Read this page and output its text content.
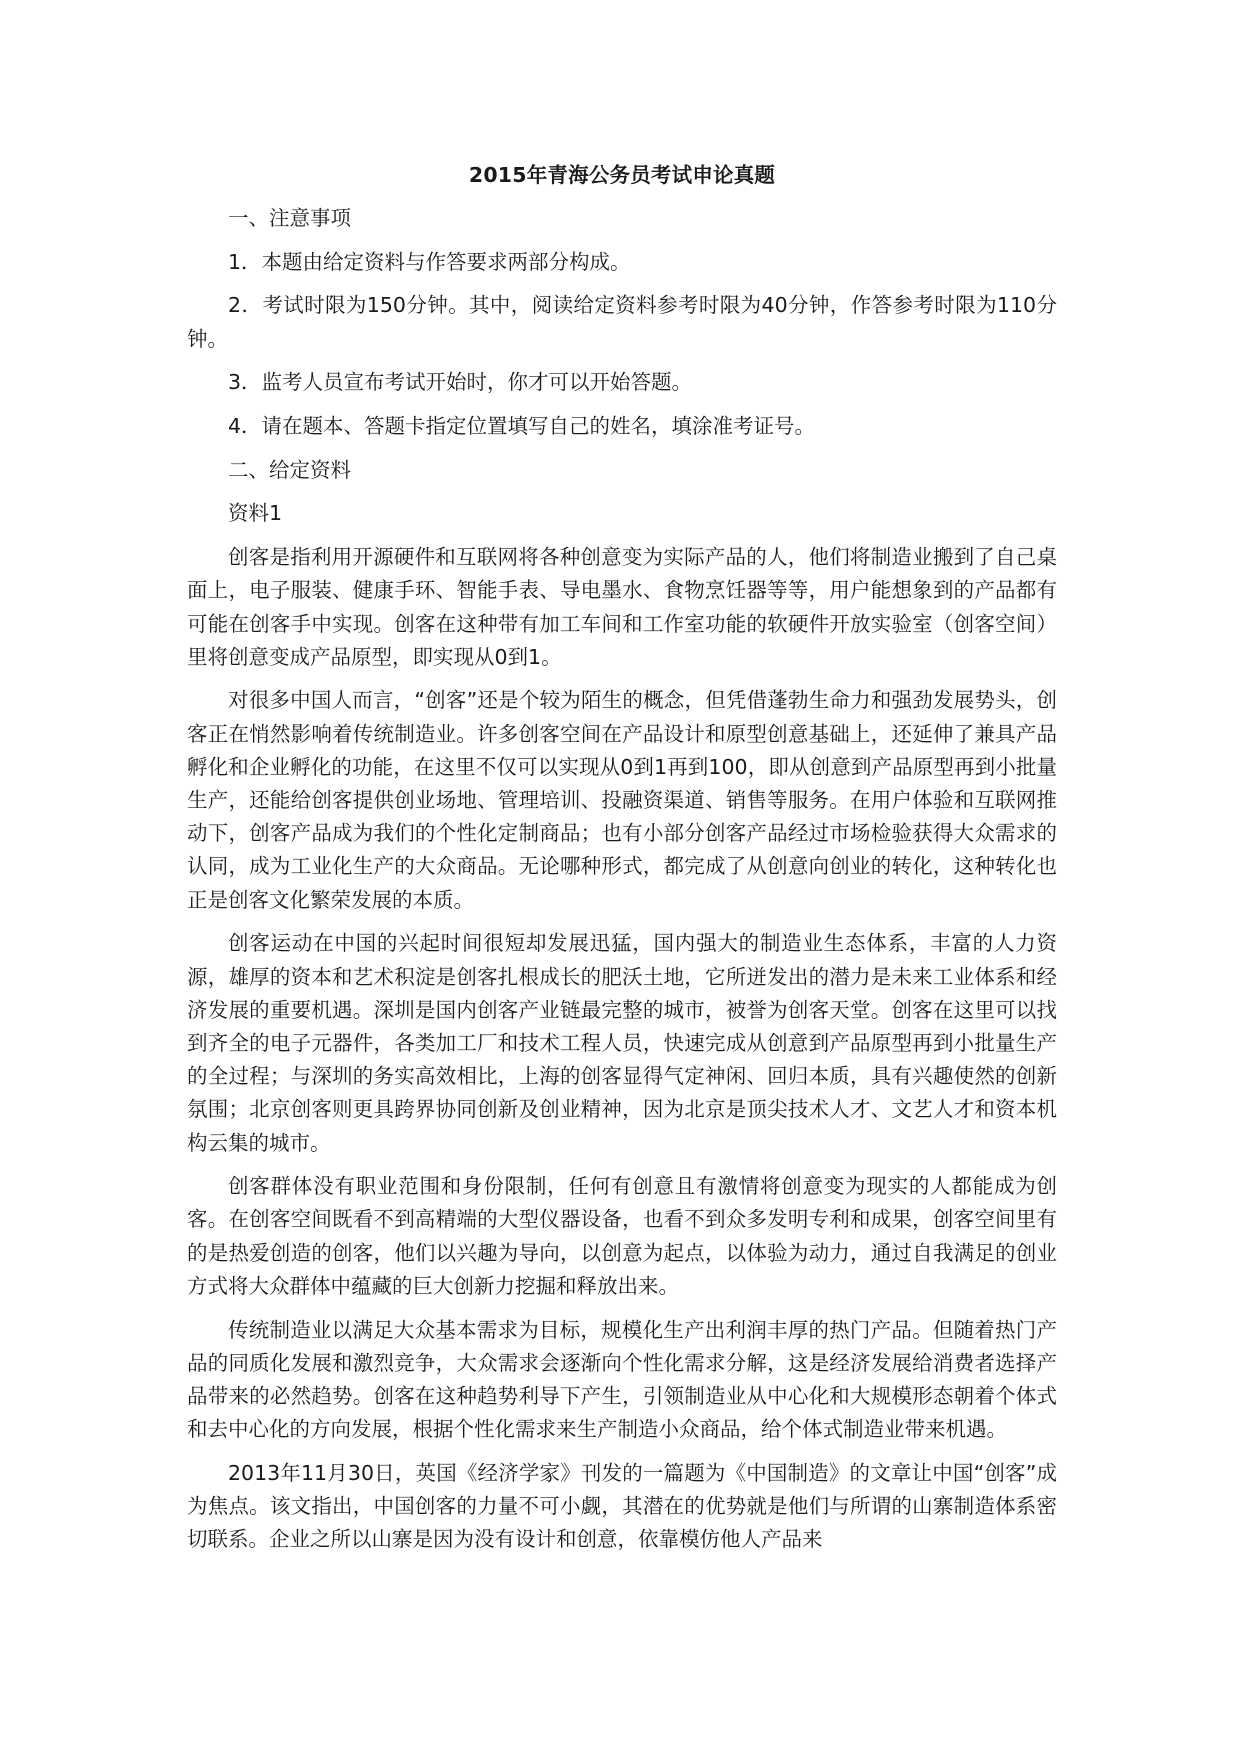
2015年青海公务员考试申论真题

一、注意事项

1．本题由给定资料与作答要求两部分构成。

2．考试时限为150分钟。其中，阅读给定资料参考时限为40分钟，作答参考时限为110分钟。

3．监考人员宣布考试开始时，你才可以开始答题。

4．请在题本、答题卡指定位置填写自己的姓名，填涂准考证号。

二、给定资料

资料1

创客是指利用开源硬件和互联网将各种创意变为实际产品的人，他们将制造业搬到了自己桌面上，电子服装、健康手环、智能手表、导电墨水、食物烹饪器等等，用户能想象到的产品都有可能在创客手中实现。创客在这种带有加工车间和工作室功能的软硬件开放实验室（创客空间）里将创意变成产品原型，即实现从0到1。

对很多中国人而言，“创客”还是个较为陌生的概念，但凭借蓬勃生命力和强劲发展势头，创客正在悄然影响着传统制造业。许多创客空间在产品设计和原型创意基础上，还延伸了兼具产品孵化和企业孵化的功能，在这里不仅可以实现从0到1再到100，即从创意到产品原型再到小批量生产，还能给创客提供创业场地、管理培训、投融资渠道、销售等服务。在用户体验和互联网推动下，创客产品成为我们的个性化定制商品；也有小部分创客产品经过市场检验获得大众需求的认同，成为工业化生产的大众商品。无论哪种形式，都完成了从创意向创业的转化，这种转化也正是创客文化繁荣发展的本质。

创客运动在中国的兴起时间很短却发展迅猛，国内强大的制造业生态体系，丰富的人力资源，雄厚的资本和艺术积淀是创客扎根成长的肥沃土地，它所迸发出的潜力是未来工业体系和经济发展的重要机遇。深圳是国内创客产业链最完整的城市，被誉为创客天堂。创客在这里可以找到齐全的电子元器件，各类加工厂和技术工程人员，快速完成从创意到产品原型再到小批量生产的全过程；与深圳的务实高效相比，上海的创客显得气定神闲、回归本质，具有兴趣使然的创新氛围；北京创客则更具跨界协同创新及创业精神，因为北京是顶尖技术人才、文艺人才和资本机构云集的城市。

创客群体没有职业范围和身份限制，任何有创意且有激情将创意变为现实的人都能成为创客。在创客空间既看不到高精端的大型仪器设备，也看不到众多发明专利和成果，创客空间里有的是热爱创造的创客，他们以兴趣为导向，以创意为起点，以体验为动力，通过自我满足的创业方式将大众群体中蕴藏的巨大创新力挖掘和释放出来。

传统制造业以满足大众基本需求为目标，规模化生产出利润丰厚的热门产品。但随着热门产品的同质化发展和激烈竞争，大众需求会逐渐向个性化需求分解，这是经济发展给消费者选择产品带来的必然趋势。创客在这种趋势利导下产生，引领制造业从中心化和大规模形态朝着个体式和去中心化的方向发展，根据个性化需求来生产制造小众商品，给个体式制造业带来机遇。

2013年11月30日，英国《经济学家》刊发的一篇题为《中国制造》的文章让中国“创客”成为焦点。该文指出，中国创客的力量不可小觑，其潜在的优势就是他们与所谓的山寨制造体系密切联系。企业之所以山寨是因为没有设计和创意，依靠模仿他人产品来
